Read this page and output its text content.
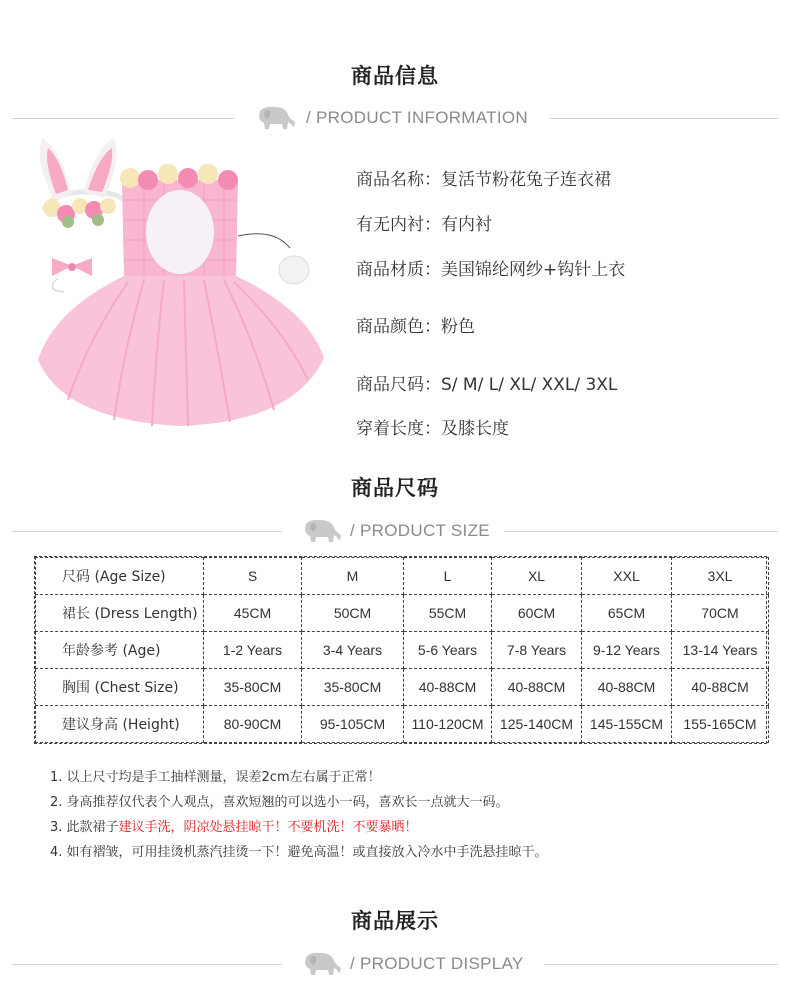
商品信息
/ PRODUCT INFORMATION
商品名称：复活节粉花兔子连衣裙
有无内衬：有内衬
商品材质：美国锦纶网纱+钩针上衣
商品颜色：粉色
商品尺码：S/ M/ L/ XL/ XXL/ 3XL
穿着长度：及膝长度
商品尺码
/ PRODUCT SIZE
尺码 (Age Size)	S	M	L	XL	XXL	3XL
裙长 (Dress Length)	45CM	50CM	55CM	60CM	65CM	70CM
年龄参考 (Age)	1-2 Years	3-4 Years	5-6 Years	7-8 Years	9-12 Years	13-14 Years
胸围 (Chest Size)	35-80CM	35-80CM	40-88CM	40-88CM	40-88CM	40-88CM
建议身高 (Height)	80-90CM	95-105CM	110-120CM	125-140CM	145-155CM	155-165CM
1. 以上尺寸均是手工抽样测量，误差2cm左右属于正常！
2. 身高推荐仅代表个人观点，喜欢短翘的可以选小一码，喜欢长一点就大一码。
3. 此款裙子建议手洗，阴凉处悬挂晾干！不要机洗！不要暴晒！
4. 如有褶皱，可用挂烫机蒸汽挂烫一下！避免高温！或直接放入冷水中手洗悬挂晾干。
商品展示
/ PRODUCT DISPLAY
